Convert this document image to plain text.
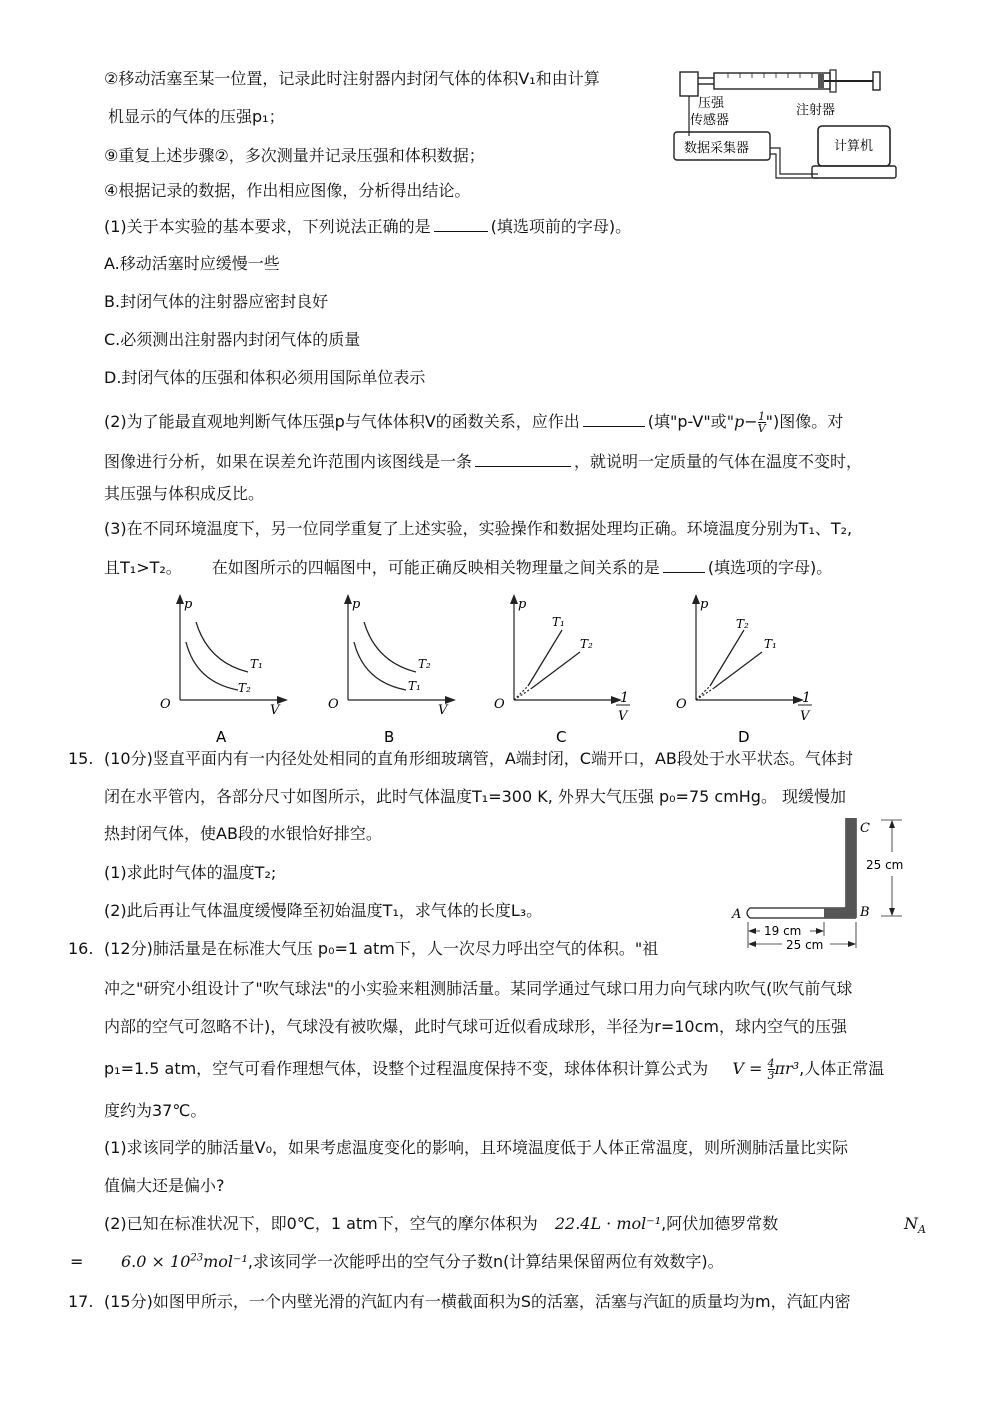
②移动活塞至某一位置，记录此时注射器内封闭气体的体积V₁和由计算
机显示的气体的压强p₁；
⑨重复上述步骤②，多次测量并记录压强和体积数据；
④根据记录的数据，作出相应图像，分析得出结论。
(1)关于本实验的基本要求，下列说法正确的是	(填选项前的字母)。
A.移动活塞时应缓慢一些
B.封闭气体的注射器应密封良好
C.必须测出注射器内封闭气体的质量
D.封闭气体的压强和体积必须用国际单位表示
(2)为了能最直观地判断气体压强p与气体体积V的函数关系，应作出	(填"p-V"或"$p- \frac{1}{V}$ ")图像。对
图像进行分析，如果在误差允许范围内该图线是一条	，就说明一定质量的气体在温度不变时，
其压强与体积成反比。
(3)在不同环境温度下，另一位同学重复了上述实验，实验操作和数据处理均正确。环境温度分别为T₁、T₂,
且T₁>T₂。 在如图所示的四幅图中，可能正确反映相关物理量之间关系的是	(填选项的字母)。
15. (10分)竖直平面内有一内径处处相同的直角形细玻璃管，A端封闭，C端开口，AB段处于水平状态。气体封
闭在水平管内，各部分尺寸如图所示，此时气体温度T₁=300 K, 外界大气压强 p₀=75 cmHg。 现缓慢加
热封闭气体，使AB段的水银恰好排空。
(1)求此时气体的温度T₂;
(2)此后再让气体温度缓慢降至初始温度T₁，求气体的长度L₃。
16. (12分)肺活量是在标准大气压 p₀=1 atm下，人一次尽力呼出空气的体积。"祖
冲之"研究小组设计了"吹气球法"的小实验来粗测肺活量。某同学通过气球口用力向气球内吹气(吹气前气球
内部的空气可忽略不计)，气球没有被吹爆，此时气球可近似看成球形，半径为r=10cm，球内空气的压强
p₁=1.5 atm，空气可看作理想气体，设整个过程温度保持不变，球体体积计算公式为 $V = \frac{4}{3} \pi r^3$,人体正常温
度约为37℃。
(1)求该同学的肺活量V₀，如果考虑温度变化的影响，且环境温度低于人体正常温度，则所测肺活量比实际
值偏大还是偏小?
(2)已知在标准状况下，即0℃，1 atm下，空气的摩尔体积为 22.4L · mol⁻¹,阿伏加德罗常数	$N_A$
= $6.0 \times 10^{23}mol^{-1}$,求该同学一次能呼出的空气分子数n(计算结果保留两位有效数字)。
17. (15分)如图甲所示，一个内壁光滑的汽缸内有一横截面积为S的活塞，活塞与汽缸的质量均为m，汽缸内密
压强
传感器
注射器
数据采集器	计算机
p
O	V
T₁
T₂
A
p
O	V
T₂
T₁
B
p
O	1
V
T₁
T₂
C
p
O	1
V
T₂
T₁
D
A	B
C
25 cm
19 cm
25 cm
